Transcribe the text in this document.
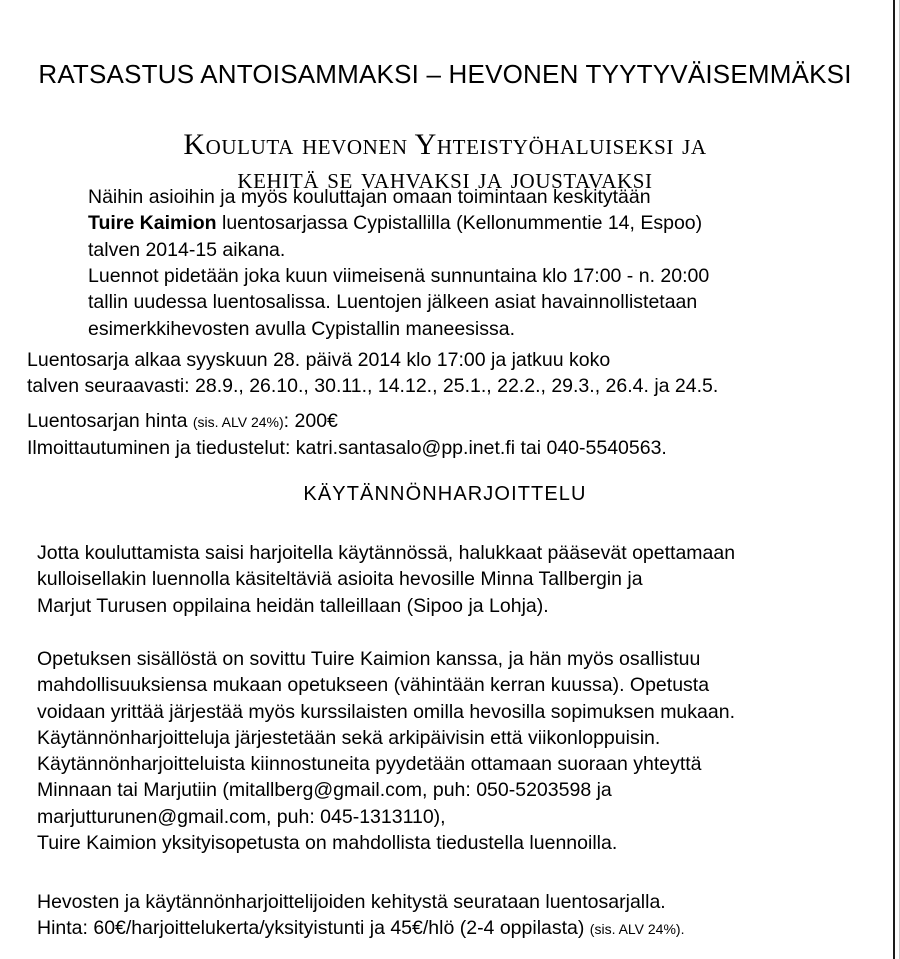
RATSASTUS ANTOISAMMAKSI – HEVONEN TYYTYVÄISEMMÄKSI
Kouluta hevonen Yhteistyöhaluiseksi ja
kehitä se vahvaksi ja joustavaksi
Näihin asioihin ja myös kouluttajan omaan toimintaan keskitytään
Tuire Kaimion luentosarjassa Cypistallilla (Kellonummentie 14, Espoo)
talven 2014-15 aikana.
Luennot pidetään joka kuun viimeisenä sunnuntaina klo 17:00 - n. 20:00
tallin uudessa luentosalissa. Luentojen jälkeen asiat havainnollistetaan
esimerkkihevosten avulla Cypistallin maneesissa.
Luentosarja alkaa syyskuun 28. päivä 2014 klo 17:00 ja jatkuu koko
talven seuraavasti: 28.9., 26.10., 30.11., 14.12., 25.1., 22.2., 29.3., 26.4. ja 24.5.
Luentosarjan hinta (sis. ALV 24%): 200€
Ilmoittautuminen ja tiedustelut: katri.santasalo@pp.inet.fi tai 040-5540563.
KÄYTÄNNÖNHARJOITTELU
Jotta kouluttamista saisi harjoitella käytännössä, halukkaat pääsevät opettamaan
kulloisellakin luennolla käsiteltäviä asioita hevosille Minna Tallbergin ja
Marjut Turusen oppilaina heidän talleillaan (Sipoo ja Lohja).
Opetuksen sisällöstä on sovittu Tuire Kaimion kanssa, ja hän myös osallistuu
mahdollisuuksiensa mukaan opetukseen (vähintään kerran kuussa). Opetusta
voidaan yrittää järjestää myös kurssilaisten omilla hevosilla sopimuksen mukaan.
Käytännönharjoitteluja järjestetään sekä arkipäivisin että viikonloppuisin.
Käytännönharjoitteluista kiinnostuneita pyydetään ottamaan suoraan yhteyttä
Minnaan tai Marjutiin (mitallberg@gmail.com, puh: 050-5203598 ja
marjutturunen@gmail.com, puh: 045-1313110),
Tuire Kaimion yksityisopetusta on mahdollista tiedustella luennoilla.
Hevosten ja käytännönharjoittelijoiden kehitystä seurataan luentosarjalla.
Hinta: 60€/harjoittelukerta/yksityistunti ja 45€/hlö (2-4 oppilasta) (sis. ALV 24%).
